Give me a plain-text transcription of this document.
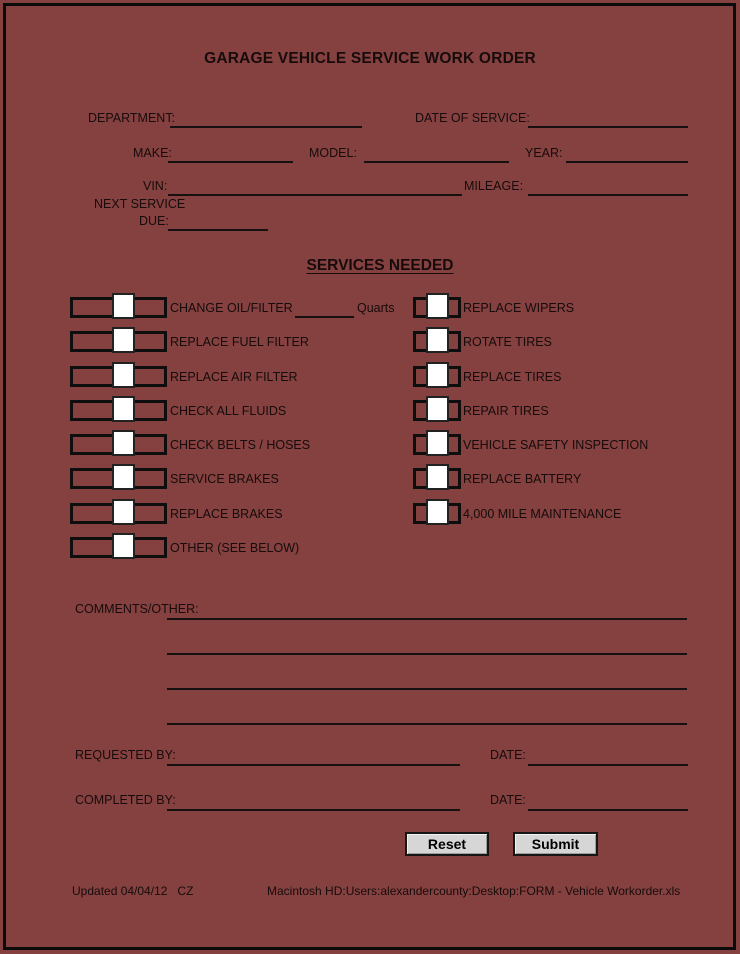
GARAGE VEHICLE SERVICE WORK ORDER
DEPARTMENT:	DATE OF SERVICE:
MAKE:	MODEL:	YEAR:
VIN:	MILEAGE:
NEXT SERVICE
DUE:
SERVICES NEEDED
CHANGE OIL/FILTER	Quarts	REPLACE WIPERS
REPLACE FUEL FILTER	ROTATE TIRES
REPLACE AIR FILTER	REPLACE TIRES
CHECK ALL FLUIDS	REPAIR TIRES
CHECK BELTS / HOSES	VEHICLE SAFETY INSPECTION
SERVICE BRAKES	REPLACE BATTERY
REPLACE BRAKES	4,000 MILE MAINTENANCE
OTHER (SEE BELOW)
COMMENTS/OTHER:
REQUESTED BY:	DATE:
COMPLETED BY:	DATE:
Reset	Submit
Updated 04/04/12   CZ	Macintosh HD:Users:alexandercounty:Desktop:FORM - Vehicle Workorder.xls
